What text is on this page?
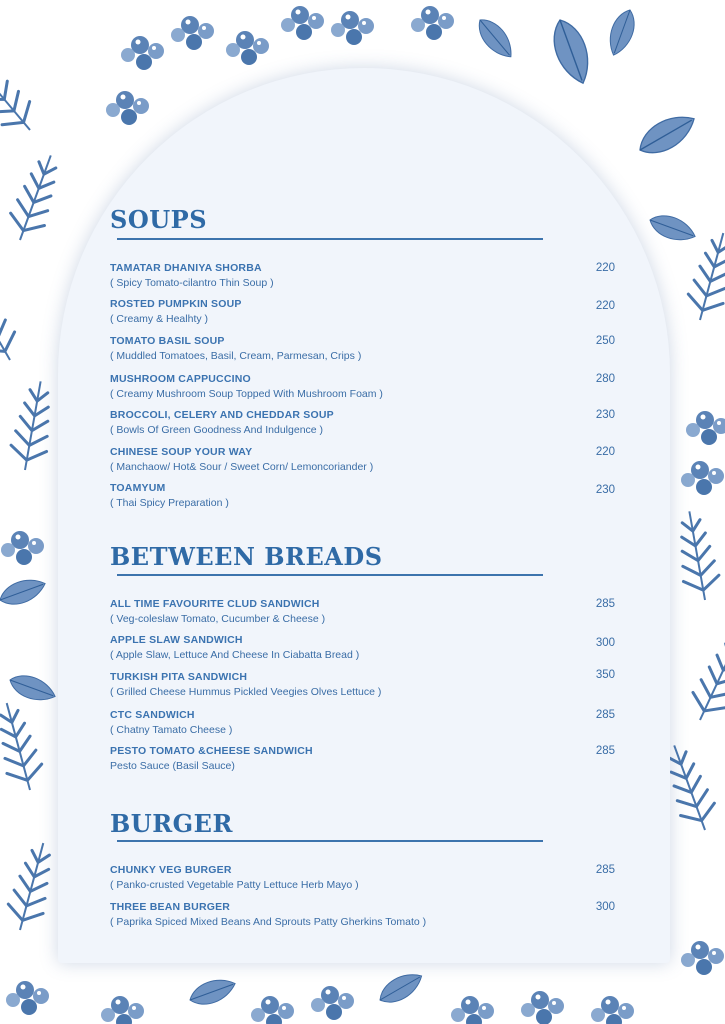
SOUPS
TAMATAR DHANIYA SHORBA
( Spicy Tomato-cilantro Thin Soup )
220
ROSTED PUMPKIN SOUP
( Creamy & Healhty )
220
TOMATO BASIL SOUP
( Muddled Tomatoes, Basil, Cream, Parmesan, Crips )
250
MUSHROOM CAPPUCCINO
( Creamy Mushroom Soup Topped With Mushroom Foam )
280
BROCCOLI, CELERY AND CHEDDAR SOUP
( Bowls Of Green Goodness And Indulgence )
230
CHINESE SOUP YOUR WAY
( Manchaow/ Hot& Sour / Sweet Corn/ Lemoncoriander )
220
TOAMYUM
( Thai Spicy Preparation )
230
BETWEEN BREADS
ALL TIME FAVOURITE CLUD SANDWICH
( Veg-coleslaw Tomato, Cucumber & Cheese )
285
APPLE SLAW SANDWICH
( Apple Slaw, Lettuce And Cheese In Ciabatta Bread )
300
TURKISH PITA SANDWICH
( Grilled Cheese Hummus Pickled Veegies Olves Lettuce )
350
CTC SANDWICH
( Chatny Tamato Cheese )
285
PESTO TOMATO &CHEESE SANDWICH
Pesto Sauce (Basil Sauce)
285
BURGER
CHUNKY VEG BURGER
( Panko-crusted Vegetable Patty Lettuce Herb Mayo )
285
THREE BEAN BURGER
( Paprika Spiced Mixed Beans And Sprouts Patty Gherkins Tomato )
300
